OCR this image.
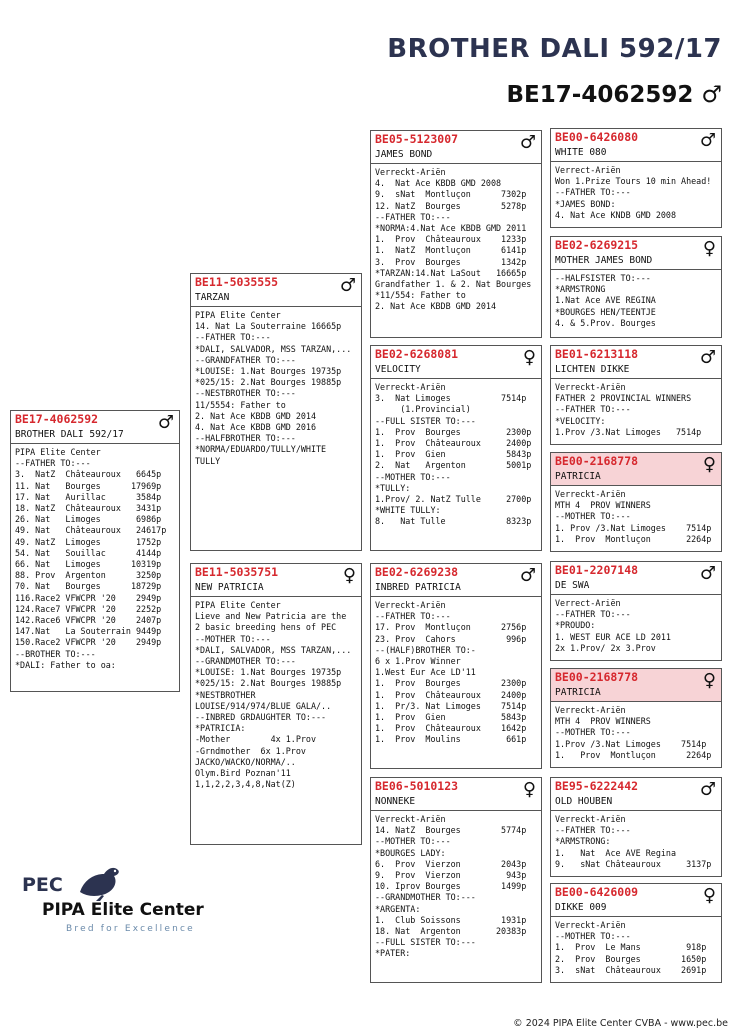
BROTHER DALI 592/17
BE17-4062592 ♂
BE17-4062592
BROTHER DALI 592/17
♂
PIPA Elite Center
--FATHER TO:---
3.  NatZ  Châteauroux   6645p
11. Nat   Bourges      17969p
17. Nat   Aurillac      3584p
18. NatZ  Châteauroux   3431p
26. Nat   Limoges       6986p
49. Nat   Châteauroux   24617p
49. NatZ  Limoges       1752p
54. Nat   Souillac      4144p
66. Nat   Limoges      10319p
88. Prov  Argenton      3250p
70. Nat   Bourges      18729p
116.Race2 VFWCPR '20    2949p
124.Race7 VFWCPR '20    2252p
142.Race6 VFWCPR '20    2407p
147.Nat   La Souterrain 9449p
150.Race2 VFWCPR '20    2949p
--BROTHER TO:---
*DALI: Father to oa:
BE11-5035555
TARZAN
♂
PIPA Elite Center
14. Nat La Souterraine 16665p
--FATHER TO:---
*DALI, SALVADOR, MSS TARZAN,...
--GRANDFATHER TO:---
*LOUISE: 1.Nat Bourges 19735p
*025/15: 2.Nat Bourges 19885p
--NESTBROTHER TO:---
11/5554: Father to
2. Nat Ace KBDB GMD 2014
4. Nat Ace KBDB GMD 2016
--HALFBROTHER TO:---
*NORMA/EDUARDO/TULLY/WHITE
TULLY
BE11-5035751
NEW PATRICIA
♀
PIPA Elite Center
Lieve and New Patricia are the
2 basic breeding hens of PEC
--MOTHER TO:---
*DALI, SALVADOR, MSS TARZAN,...
--GRANDMOTHER TO:---
*LOUISE: 1.Nat Bourges 19735p
*025/15: 2.Nat Bourges 19885p
*NESTBROTHER
LOUISE/914/974/BLUE GALA/..
--INBRED GRDAUGHTER TO:---
*PATRICIA:
-Mother        4x 1.Prov
-Grndmother  6x 1.Prov
JACKO/WACKO/NORMA/..
Olym.Bird Poznan'11
1,1,2,2,3,4,8,Nat(Z)
BE05-5123007
JAMES BOND
♂
Verreckt-Ariën
4.  Nat Ace KBDB GMD 2008
9.  sNat  Montluçon      7302p
12. NatZ  Bourges        5278p
--FATHER TO:---
*NORMA:4.Nat Ace KBDB GMD 2011
1.  Prov  Châteauroux    1233p
1.  NatZ  Montluçon      6141p
3.  Prov  Bourges        1342p
*TARZAN:14.Nat LaSout   16665p
Grandfather 1. & 2. Nat Bourges
*11/554: Father to
2. Nat Ace KBDB GMD 2014
BE02-6268081
VELOCITY
♀
Verreckt-Ariën
3.  Nat Limoges          7514p
(1.Provincial)
--FULL SISTER TO:---
1.  Prov  Bourges         2300p
1.  Prov  Châteauroux     2400p
1.  Prov  Gien            5843p
2.  Nat   Argenton        5001p
--MOTHER TO:---
*TULLY:
1.Prov/ 2. NatZ Tulle     2700p
*WHITE TULLY:
8.   Nat Tulle            8323p
BE02-6269238
INBRED PATRICIA
♂
Verreckt-Ariën
--FATHER TO:---
17. Prov  Montluçon      2756p
23. Prov  Cahors          996p
--(HALF)BROTHER TO:-
6 x 1.Prov Winner
1.West Eur Ace LD'11
1.  Prov  Bourges        2300p
1.  Prov  Châteauroux    2400p
1.  Pr/3. Nat Limoges    7514p
1.  Prov  Gien           5843p
1.  Prov  Châteauroux    1642p
1.  Prov  Moulins         661p
BE06-5010123
NONNEKE
♀
Verreckt-Ariën
14. NatZ  Bourges        5774p
--MOTHER TO:---
*BOURGES LADY:
6.  Prov  Vierzon        2043p
9.  Prov  Vierzon         943p
10. Iprov Bourges        1499p
--GRANDMOTHER TO:---
*ARGENTA:
1.  Club Soissons        1931p
18. Nat  Argenton       20383p
--FULL SISTER TO:---
*PATER:
BE00-6426080
WHITE 080
♂
Verrect-Ariën
Won 1.Prize Tours 10 min Ahead!
--FATHER TO:---
*JAMES BOND:
4. Nat Ace KNDB GMD 2008
BE02-6269215
MOTHER JAMES BOND
♀
--HALFSISTER TO:---
*ARMSTRONG
1.Nat Ace AVE REGINA
*BOURGES HEN/TEENTJE
4. & 5.Prov. Bourges
BE01-6213118
LICHTEN DIKKE
♂
Verreckt-Ariën
FATHER 2 PROVINCIAL WINNERS
--FATHER TO:---
*VELOCITY:
1.Prov /3.Nat Limoges   7514p
BE00-2168778
PATRICIA
♀
Verreckt-Ariën
MTH 4  PROV WINNERS
--MOTHER TO:---
1. Prov /3.Nat Limoges    7514p
1.  Prov  Montluçon       2264p
BE01-2207148
DE SWA
♂
Verrect-Ariën
--FATHER TO:---
*PROUDO:
1. WEST EUR ACE LD 2011
2x 1.Prov/ 2x 3.Prov
BE00-2168778
PATRICIA
♀
Verreckt-Ariën
MTH 4  PROV WINNERS
--MOTHER TO:---
1.Prov /3.Nat Limoges    7514p
1.   Prov  Montluçon      2264p
BE95-6222442
OLD HOUBEN
♂
Verreckt-Ariën
--FATHER TO:---
*ARMSTRONG:
1.   Nat  Ace AVE Regina
9.   sNat Châteauroux     3137p
BE00-6426009
DIKKE 009
♀
Verreckt-Ariën
--MOTHER TO:---
1.  Prov  Le Mans         918p
2.  Prov  Bourges        1650p
3.  sNat  Châteauroux    2691p
PEC
PIPA Elite Center
Bred for Excellence
© 2024 PIPA Elite Center CVBA - www.pec.be
